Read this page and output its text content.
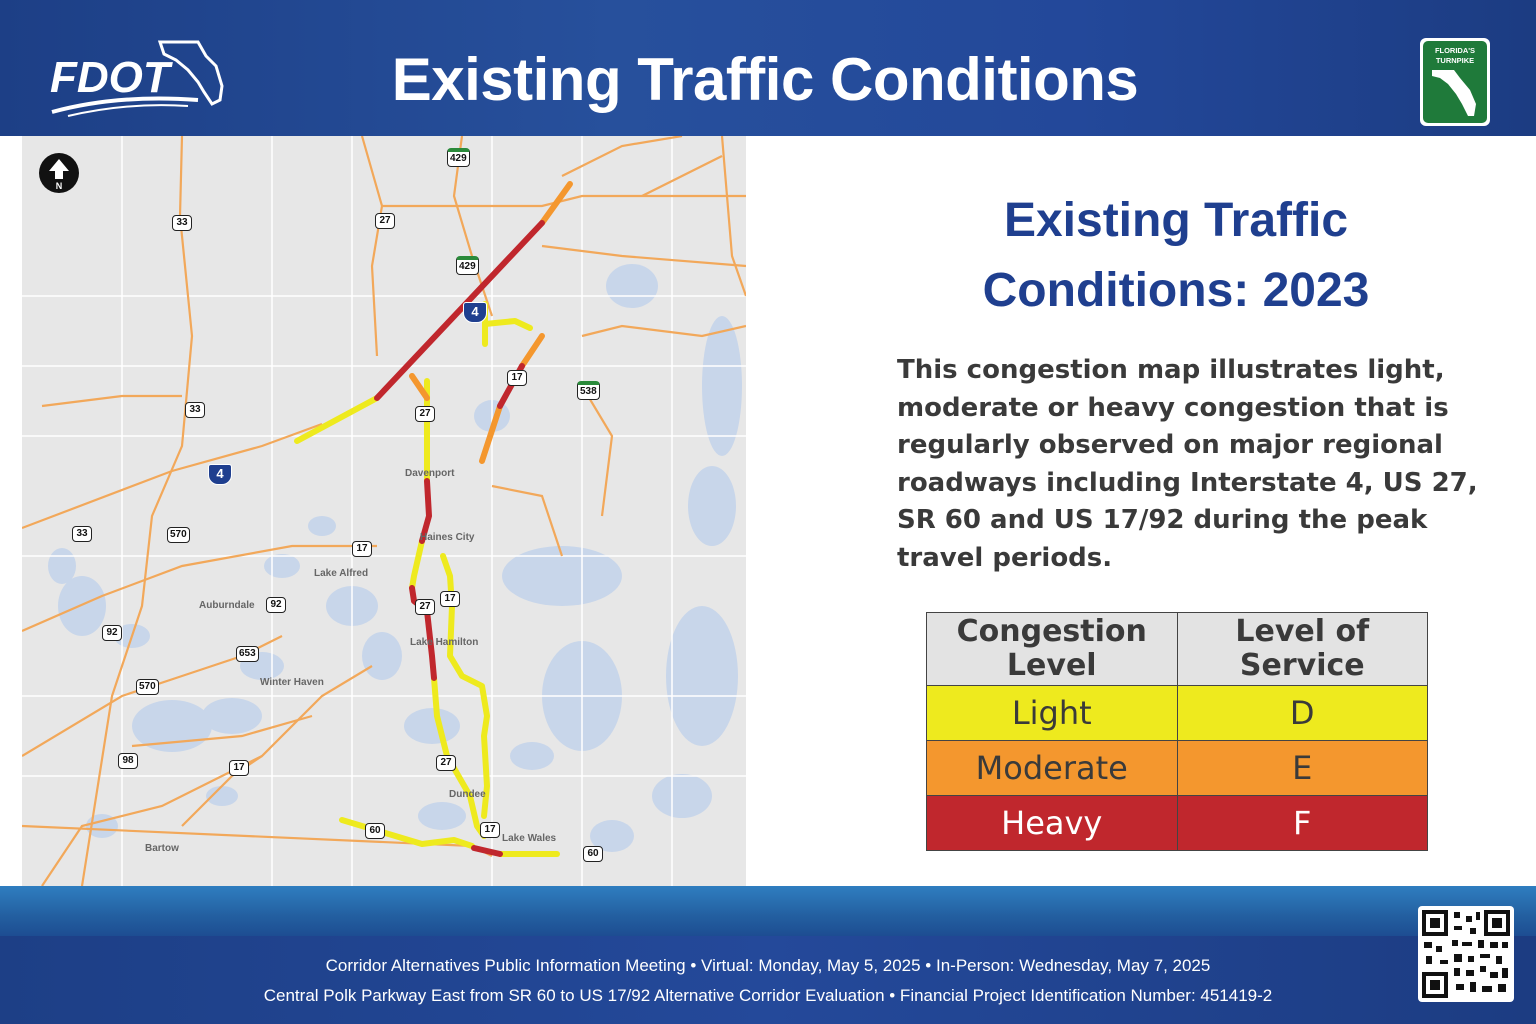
FDOT	Existing Traffic Conditions	FLORIDA'S
TURNPIKE
N
Davenport
Haines City
Lake Alfred
Auburndale
Lake Hamilton
Winter Haven
Dundee
Lake Wales
Bartow
429
27
33
429
4
17
538
33	27
4
33	570
17
92
17
27
92
653
570
98
17	27
60	17
60
Existing Traffic
Conditions: 2023
This congestion map illustrates light, moderate or heavy congestion that is regularly observed on major regional roadways including Interstate 4, US 27, SR 60 and US 17/92 during the peak travel periods.
Congestion Level	Level of Service
Light	D
Moderate	E
Heavy	F
Corridor Alternatives Public Information Meeting • Virtual: Monday, May 5, 2025 • In-Person: Wednesday, May 7, 2025
Central Polk Parkway East from SR 60 to US 17/92 Alternative Corridor Evaluation • Financial Project Identification Number: 451419-2
